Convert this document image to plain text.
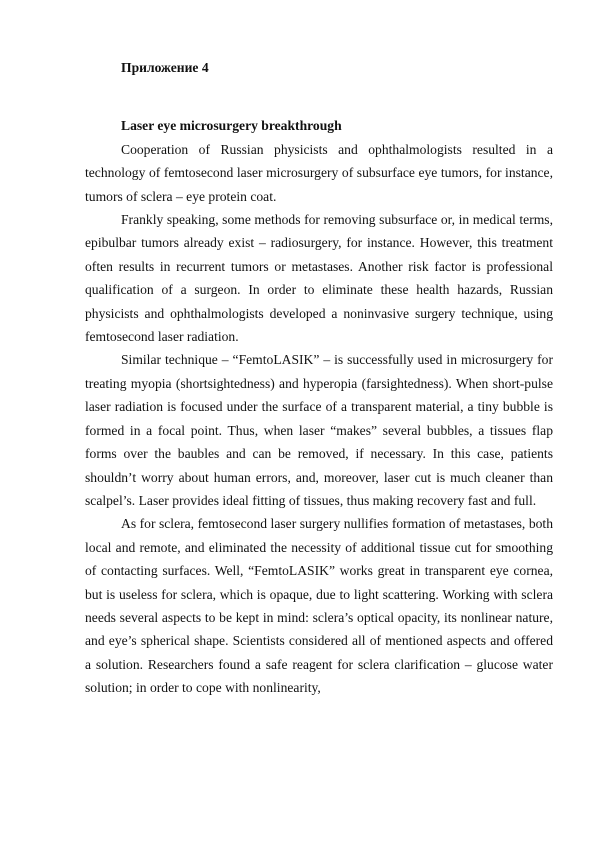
Приложение 4

Laser eye microsurgery breakthrough

Cooperation of Russian physicists and ophthalmologists resulted in a technology of femtosecond laser microsurgery of subsurface eye tumors, for instance, tumors of sclera – eye protein coat.

Frankly speaking, some methods for removing subsurface or, in medical terms, epibulbar tumors already exist – radiosurgery, for instance. However, this treatment often results in recurrent tumors or metastases. Another risk factor is professional qualification of a surgeon. In order to eliminate these health hazards, Russian physicists and ophthalmologists developed a noninvasive surgery technique, using femtosecond laser radiation.

Similar technique – “FemtoLASIK” – is successfully used in microsurgery for treating myopia (shortsightedness) and hyperopia (farsightedness). When short-pulse laser radiation is focused under the surface of a transparent material, a tiny bubble is formed in a focal point. Thus, when laser “makes” several bubbles, a tissues flap forms over the baubles and can be removed, if necessary. In this case, patients shouldn’t worry about human errors, and, moreover, laser cut is much cleaner than scalpel’s. Laser provides ideal fitting of tissues, thus making recovery fast and full.

As for sclera, femtosecond laser surgery nullifies formation of metastases, both local and remote, and eliminated the necessity of additional tissue cut for smoothing of contacting surfaces. Well, “FemtoLASIK” works great in transparent eye cornea, but is useless for sclera, which is opaque, due to light scattering. Working with sclera needs several aspects to be kept in mind: sclera’s optical opacity, its nonlinear nature, and eye’s spherical shape. Scientists considered all of mentioned aspects and offered a solution. Researchers found a safe reagent for sclera clarification – glucose water solution; in order to cope with nonlinearity,
